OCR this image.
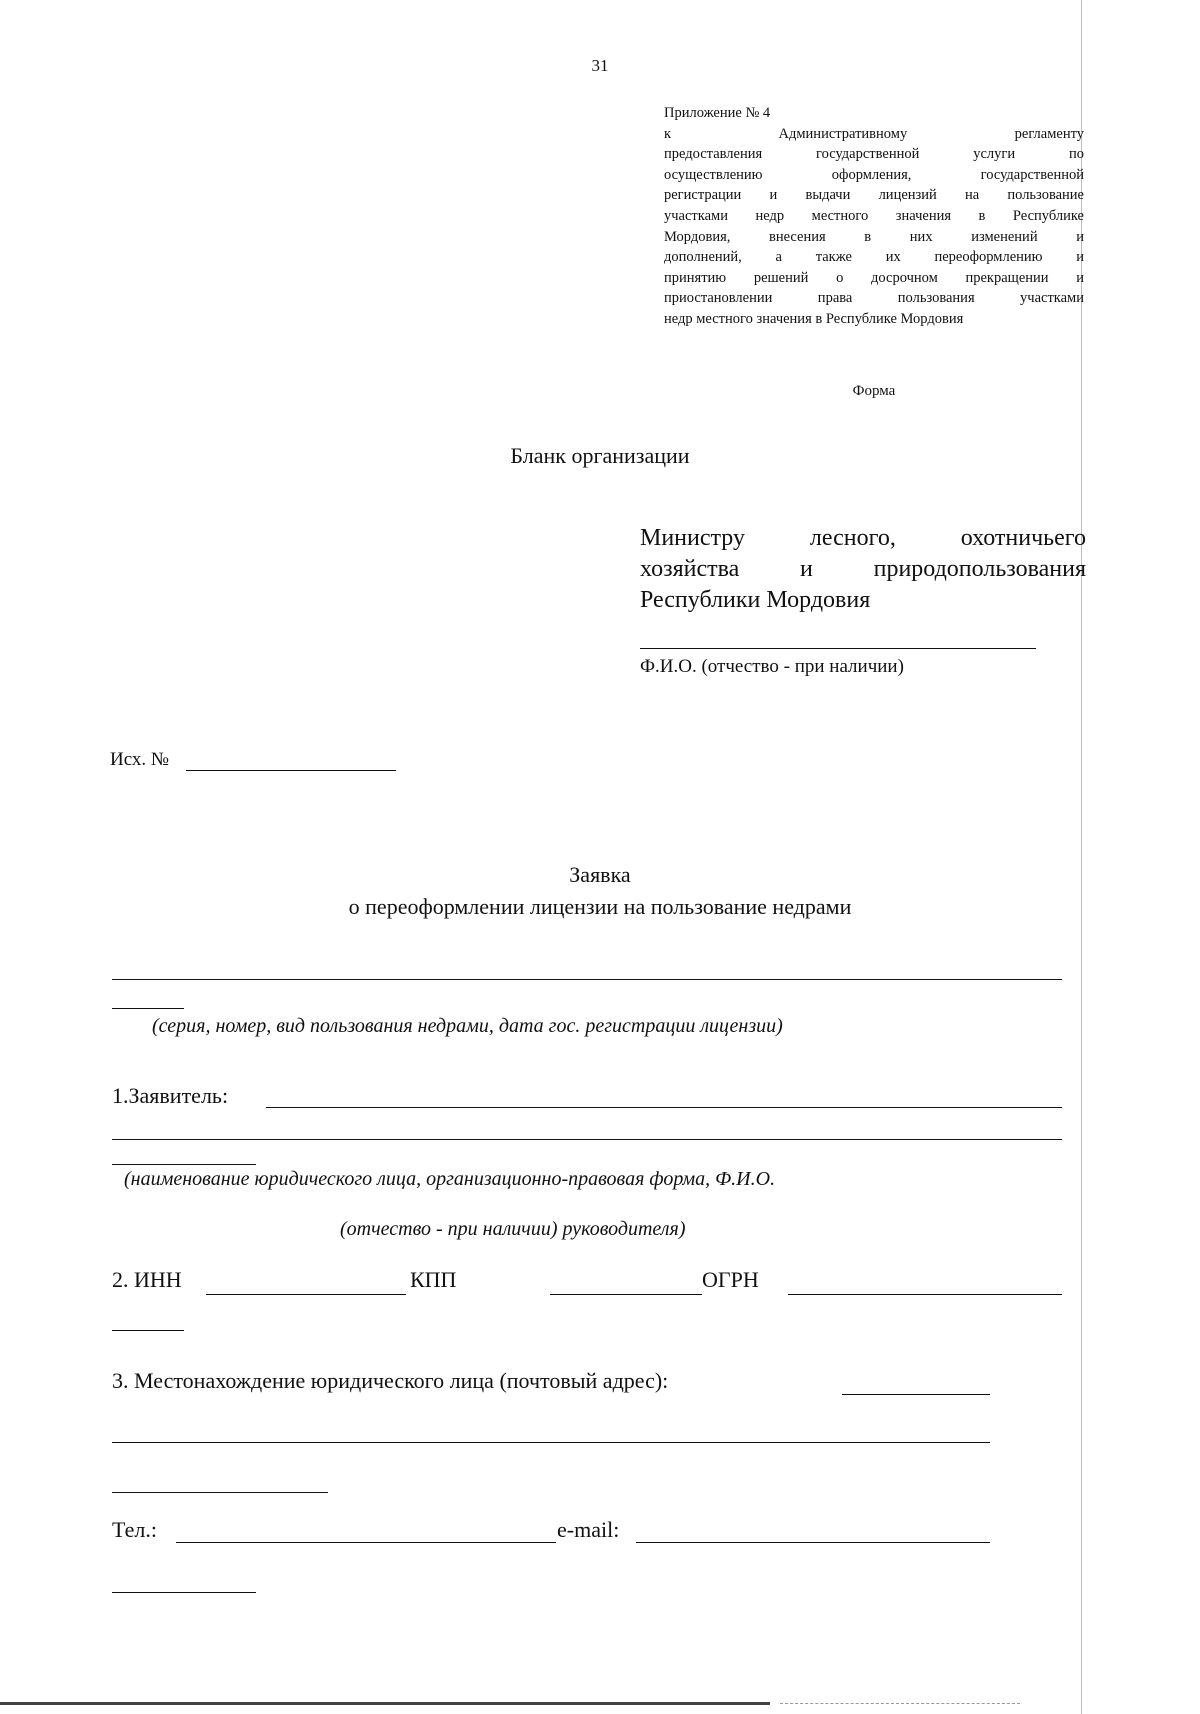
31
Приложение № 4
к Административному регламенту
предоставления государственной услуги по
осуществлению оформления, государственной
регистрации и выдачи лицензий на пользование
участками недр местного значения в Республике
Мордовия, внесения в них изменений и
дополнений, а также их переоформлению и
принятию решений о досрочном прекращении и
приостановлении права пользования участками
недр местного значения в Республике Мордовия
Форма
Бланк организации
Министру лесного, охотничьего
хозяйства и природопользования
Республики Мордовия
Ф.И.О. (отчество - при наличии)
Исх. №
Заявка
о переоформлении лицензии на пользование недрами
(серия, номер, вид пользования недрами, дата гос. регистрации лицензии)
1.Заявитель:
(наименование юридического лица, организационно-правовая форма, Ф.И.О.
(отчество - при наличии) руководителя)
2. ИНН	КПП	ОГРН
3. Местонахождение юридического лица (почтовый адрес):
Тел.:	e-mail:
